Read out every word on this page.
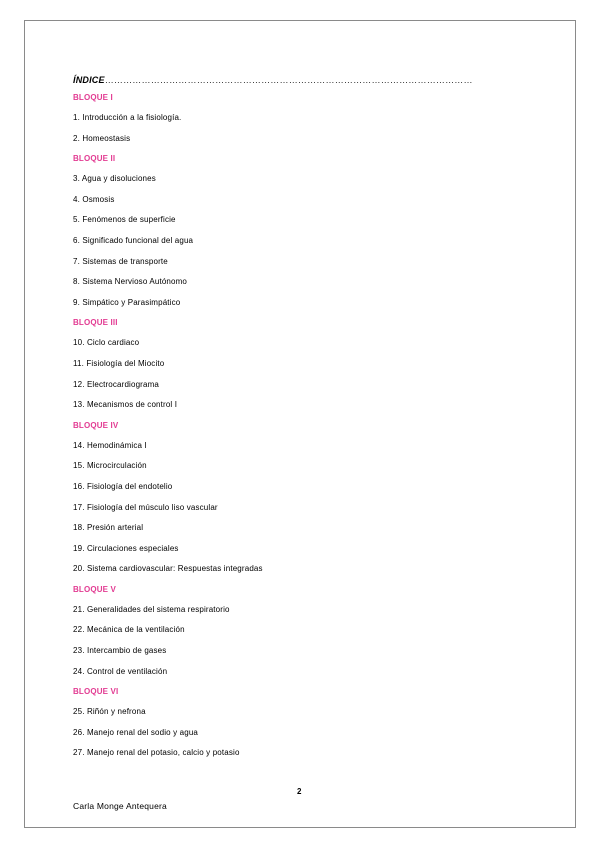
ÍNDICE…………………………………………………………………………………………………………

BLOQUE I
1. Introducción a la fisiología.
2. Homeostasis
BLOQUE II
3. Agua y disoluciones
4. Osmosis
5. Fenómenos de superficie
6. Significado funcional del agua
7. Sistemas de transporte
8. Sistema Nervioso Autónomo
9. Simpático y Parasimpático
BLOQUE III
10. Ciclo cardiaco
11. Fisiología del Miocito
12. Electrocardiograma
13. Mecanismos de control I
BLOQUE IV
14. Hemodinámica I
15. Microcirculación
16. Fisiología del endotelio
17. Fisiología del músculo liso vascular
18. Presión arterial
19. Circulaciones especiales
20. Sistema cardiovascular: Respuestas integradas
BLOQUE V
21. Generalidades del sistema respiratorio
22. Mecánica de la ventilación
23. Intercambio de gases
24. Control de ventilación
BLOQUE VI
25. Riñón y nefrona
26. Manejo renal del sodio y agua
27. Manejo renal del potasio, calcio y potasio
2
Carla Monge Antequera
